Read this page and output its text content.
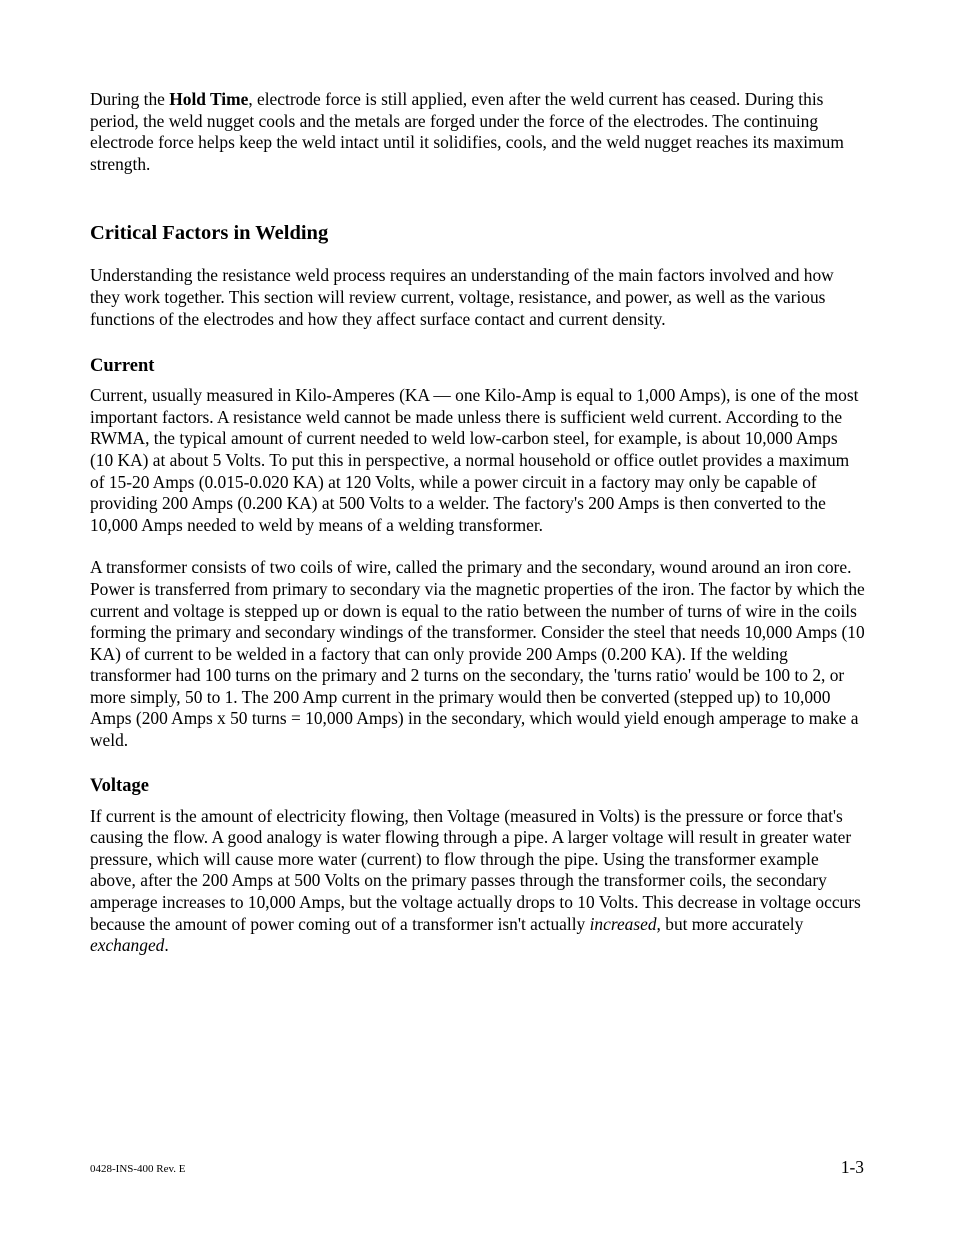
During the Hold Time, electrode force is still applied, even after the weld current has ceased. During this period, the weld nugget cools and the metals are forged under the force of the electrodes. The continuing electrode force helps keep the weld intact until it solidifies, cools, and the weld nugget reaches its maximum strength.

Critical Factors in Welding

Understanding the resistance weld process requires an understanding of the main factors involved and how they work together. This section will review current, voltage, resistance, and power, as well as the various functions of the electrodes and how they affect surface contact and current density.

Current

Current, usually measured in Kilo-Amperes (KA — one Kilo-Amp is equal to 1,000 Amps), is one of the most important factors. A resistance weld cannot be made unless there is sufficient weld current. According to the RWMA, the typical amount of current needed to weld low-carbon steel, for example, is about 10,000 Amps (10 KA) at about 5 Volts. To put this in perspective, a normal household or office outlet provides a maximum of 15-20 Amps (0.015-0.020 KA) at 120 Volts, while a power circuit in a factory may only be capable of providing 200 Amps (0.200 KA) at 500 Volts to a welder. The factory's 200 Amps is then converted to the 10,000 Amps needed to weld by means of a welding transformer.

A transformer consists of two coils of wire, called the primary and the secondary, wound around an iron core. Power is transferred from primary to secondary via the magnetic properties of the iron. The factor by which the current and voltage is stepped up or down is equal to the ratio between the number of turns of wire in the coils forming the primary and secondary windings of the transformer. Consider the steel that needs 10,000 Amps (10 KA) of current to be welded in a factory that can only provide 200 Amps (0.200 KA). If the welding transformer had 100 turns on the primary and 2 turns on the secondary, the 'turns ratio' would be 100 to 2, or more simply, 50 to 1. The 200 Amp current in the primary would then be converted (stepped up) to 10,000 Amps (200 Amps x 50 turns = 10,000 Amps) in the secondary, which would yield enough amperage to make a weld.

Voltage

If current is the amount of electricity flowing, then Voltage (measured in Volts) is the pressure or force that's causing the flow. A good analogy is water flowing through a pipe. A larger voltage will result in greater water pressure, which will cause more water (current) to flow through the pipe. Using the transformer example above, after the 200 Amps at 500 Volts on the primary passes through the transformer coils, the secondary amperage increases to 10,000 Amps, but the voltage actually drops to 10 Volts. This decrease in voltage occurs because the amount of power coming out of a transformer isn't actually increased, but more accurately exchanged.

0428-INS-400 Rev. E	1-3
